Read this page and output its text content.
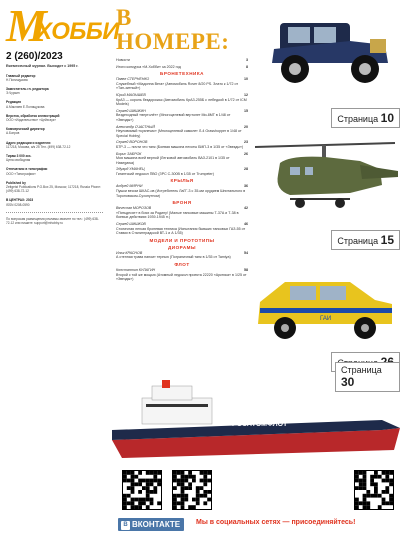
M
ХОББИ
2 (260)/2023
Ежемесячный журнал. Выходит с 1995 г.
Главный редактор
Н.Полищукова
Заместитель гл. редактора
Э.Чуркин
Редакция
А.Макляев Е.Полищукова
Верстка, обработка иллюстраций
ООО «Издательство» «Цейхгауз»
Коммерческий директор
А.Багров
Адрес редакции и издателя:
117218, Москва, а/я 25 Тел. (499) 638-72-12
Тираж 3 000 экз.
Цена свободная
Отпечатано в типографии
ООО «Типография»
Published by
Zeitgeist Publications P.O.Box 25, Moscow, 117218, Russia Phone: (499) 638-72-12
В ЦЕНТРАХ: 2023
ISSN 0208-0590
По вопросам размещения рекламы звоните по тел.: (499) 638-72-12 или пишите: support@mhobby.ru
В НОМЕРЕ:
3
Новости
8
Итоги конкурса «М-Хобби» за 2022 год
БРОНЕТЕХНИКА
10
Павел СТЕРНЕНКО
Служебный «Мадонна Вега» (Автомобиль Rover 8/20 PS. Злато к 1/72 от «Тан-зитный»)
12
Юрий МАЛЫШЕВ
КрАЗ — король бездорожья (Автомобиль КрАЗ-255Б с лебедкой в 1/72 от ICM Models)
15
Сергей ШИШКИН
Вездеходный «вертолёт» (Многоцелевой вертолет Ми-8МТ в 1/48 от «Звезды»)
20
Александр СЧАСТНЫЙ
Неуловимый «кузнечик» (Многоцелевой самолет Л-4 Grasshopper в 1/48 от Special Hobby)
23
Сергей ВОРОНОВ
БТР-3 — почти что танк (Боевая машина пехоты БМП-3 в 1/35 от «Звезды»)
26
Борис ЗАБРОК
Моя машина всей верной (Легковой автомобиль ВАЗ-2101 в 1/35 от Hasegawa)
28
Эдуард УМАНЕЦ
Гигантский ледокол ПВО (ЗРС С-300В в 1/35 от Trumpeter)
КРЫЛЬЯ
36
Андрей МИРНИ
Пушки весом ШКАС-ов (Истребитель ЛаГГ-3 с 35-ми орудием Шпитального в Тороповском-Сухопутном)
БРОНЯ
42
Вячеслав МОРОЗОВ
«Пятьдесят» в боях за Родину! (Малые танковые машины Т-37А и Т-38 в боевых действиях 1939-1945 гг.)
46
Сергей ШИШКОВ
Столичная легкая броневая техника (Испытания бывших танковых ГАЗ-55 от Ставки в Сталинградской ВТ-1 и А 1/35)
МОДЕЛИ И ПРОТОТИПЫ
ДИОРАМЫ
54
Илья КРАСНОВ
А степная трава напоит тернью (Пограничный танк в 1/35 от Tamiya)
ФЛОТ
58
Константин КУЛАГИН
Второй с той же мощью (Атомный ледокол проекта 22220 «Арктика» в 1/25 от «Звезды»)
Страница 10
Страница 15
ГАИ
РОСАТОМФЛОТ
Страница 30
В ВКОНТАКТЕ	Мы в социальных сетях — присоединяйтесь!
